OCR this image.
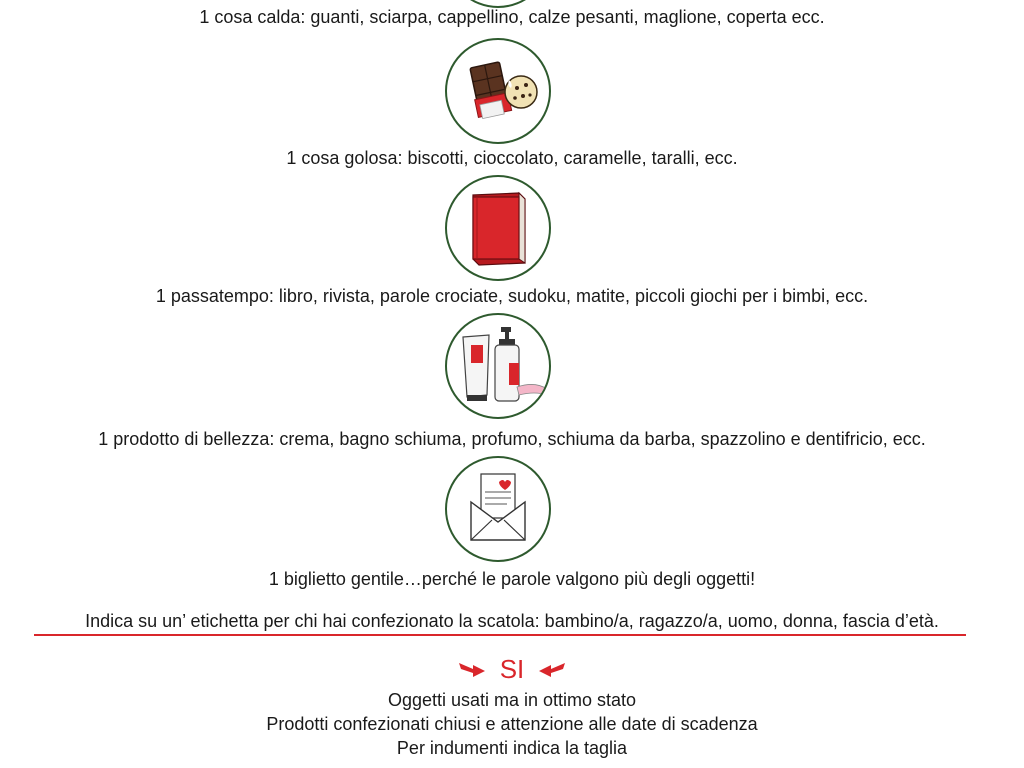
1 cosa calda: guanti, sciarpa, cappellino, calze pesanti, maglione, coperta ecc.
1 cosa golosa: biscotti, cioccolato, caramelle, taralli, ecc.
1 passatempo: libro, rivista, parole crociate, sudoku, matite, piccoli giochi per i bimbi, ecc.
1 prodotto di bellezza: crema, bagno schiuma, profumo, schiuma da barba, spazzolino e dentifricio, ecc.
1 biglietto gentile…perché le parole valgono più degli oggetti!
Indica su un’ etichetta per chi hai confezionato la scatola: bambino/a, ragazzo/a, uomo, donna, fascia d’età.
SI
Oggetti usati ma in ottimo stato
Prodotti confezionati chiusi e attenzione alle date di scadenza
Per indumenti indica la taglia
